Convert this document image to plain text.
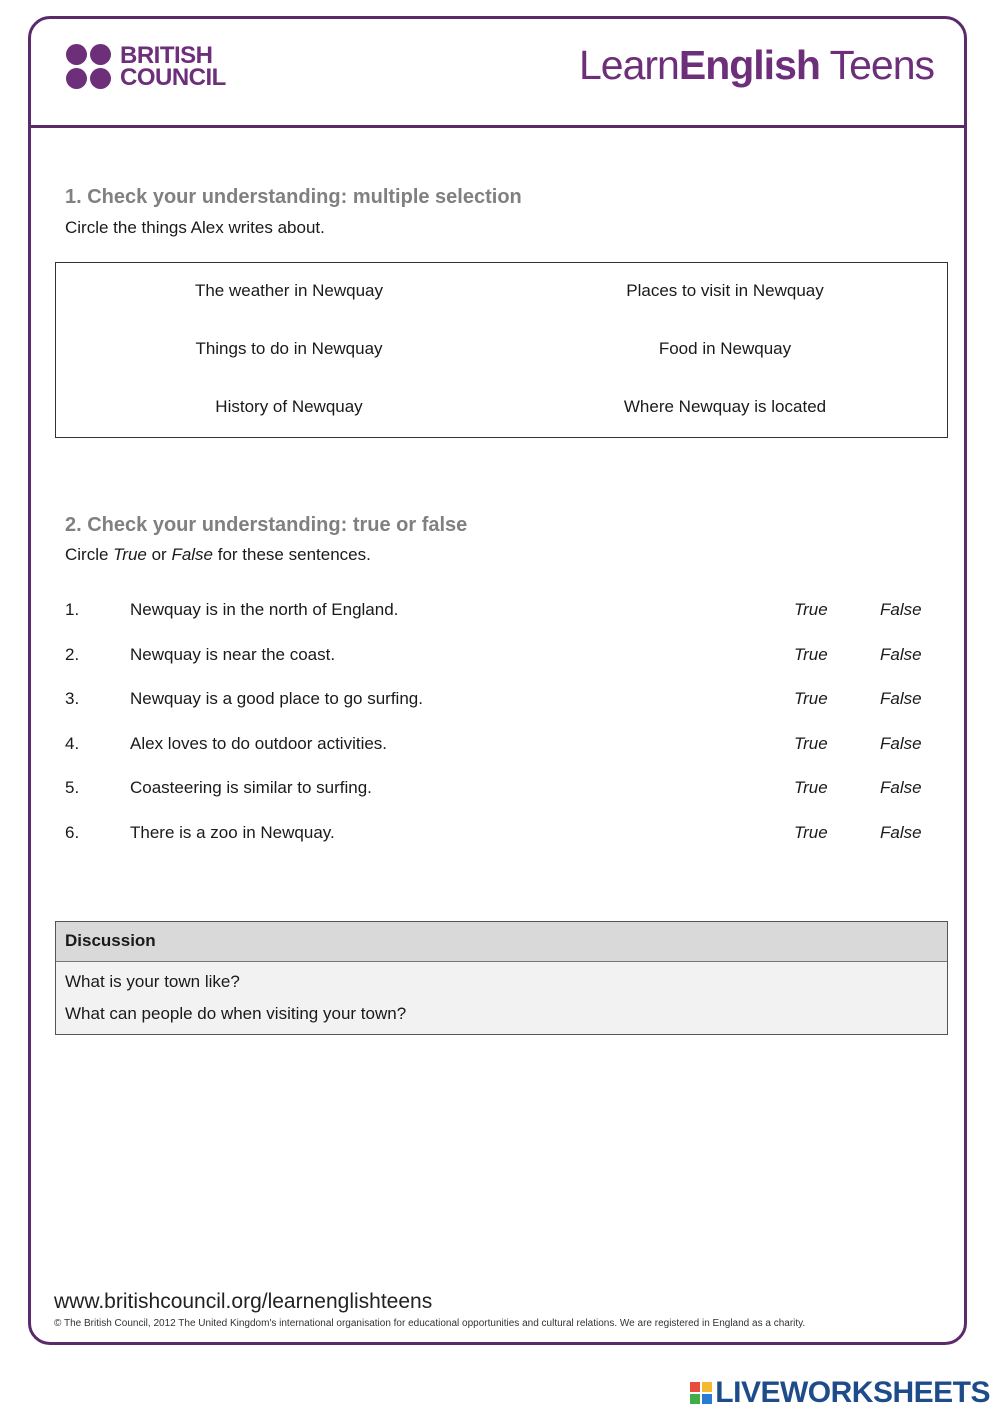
BRITISH
COUNCIL	LearnEnglish Teens
1. Check your understanding: multiple selection
Circle the things Alex writes about.
The weather in Newquay	Places to visit in Newquay
Things to do in Newquay	Food in Newquay
History of Newquay	Where Newquay is located
2. Check your understanding: true or false
Circle True or False for these sentences.
1.	Newquay is in the north of England.	True	False
2.	Newquay is near the coast.	True	False
3.	Newquay is a good place to go surfing.	True	False
4.	Alex loves to do outdoor activities.	True	False
5.	Coasteering is similar to surfing.	True	False
6.	There is a zoo in Newquay.	True	False
Discussion
What is your town like?
What can people do when visiting your town?
www.britishcouncil.org/learnenglishteens
© The British Council, 2012 The United Kingdom's international organisation for educational opportunities and cultural relations. We are registered in England as a charity.
LIVEWORKSHEETS
